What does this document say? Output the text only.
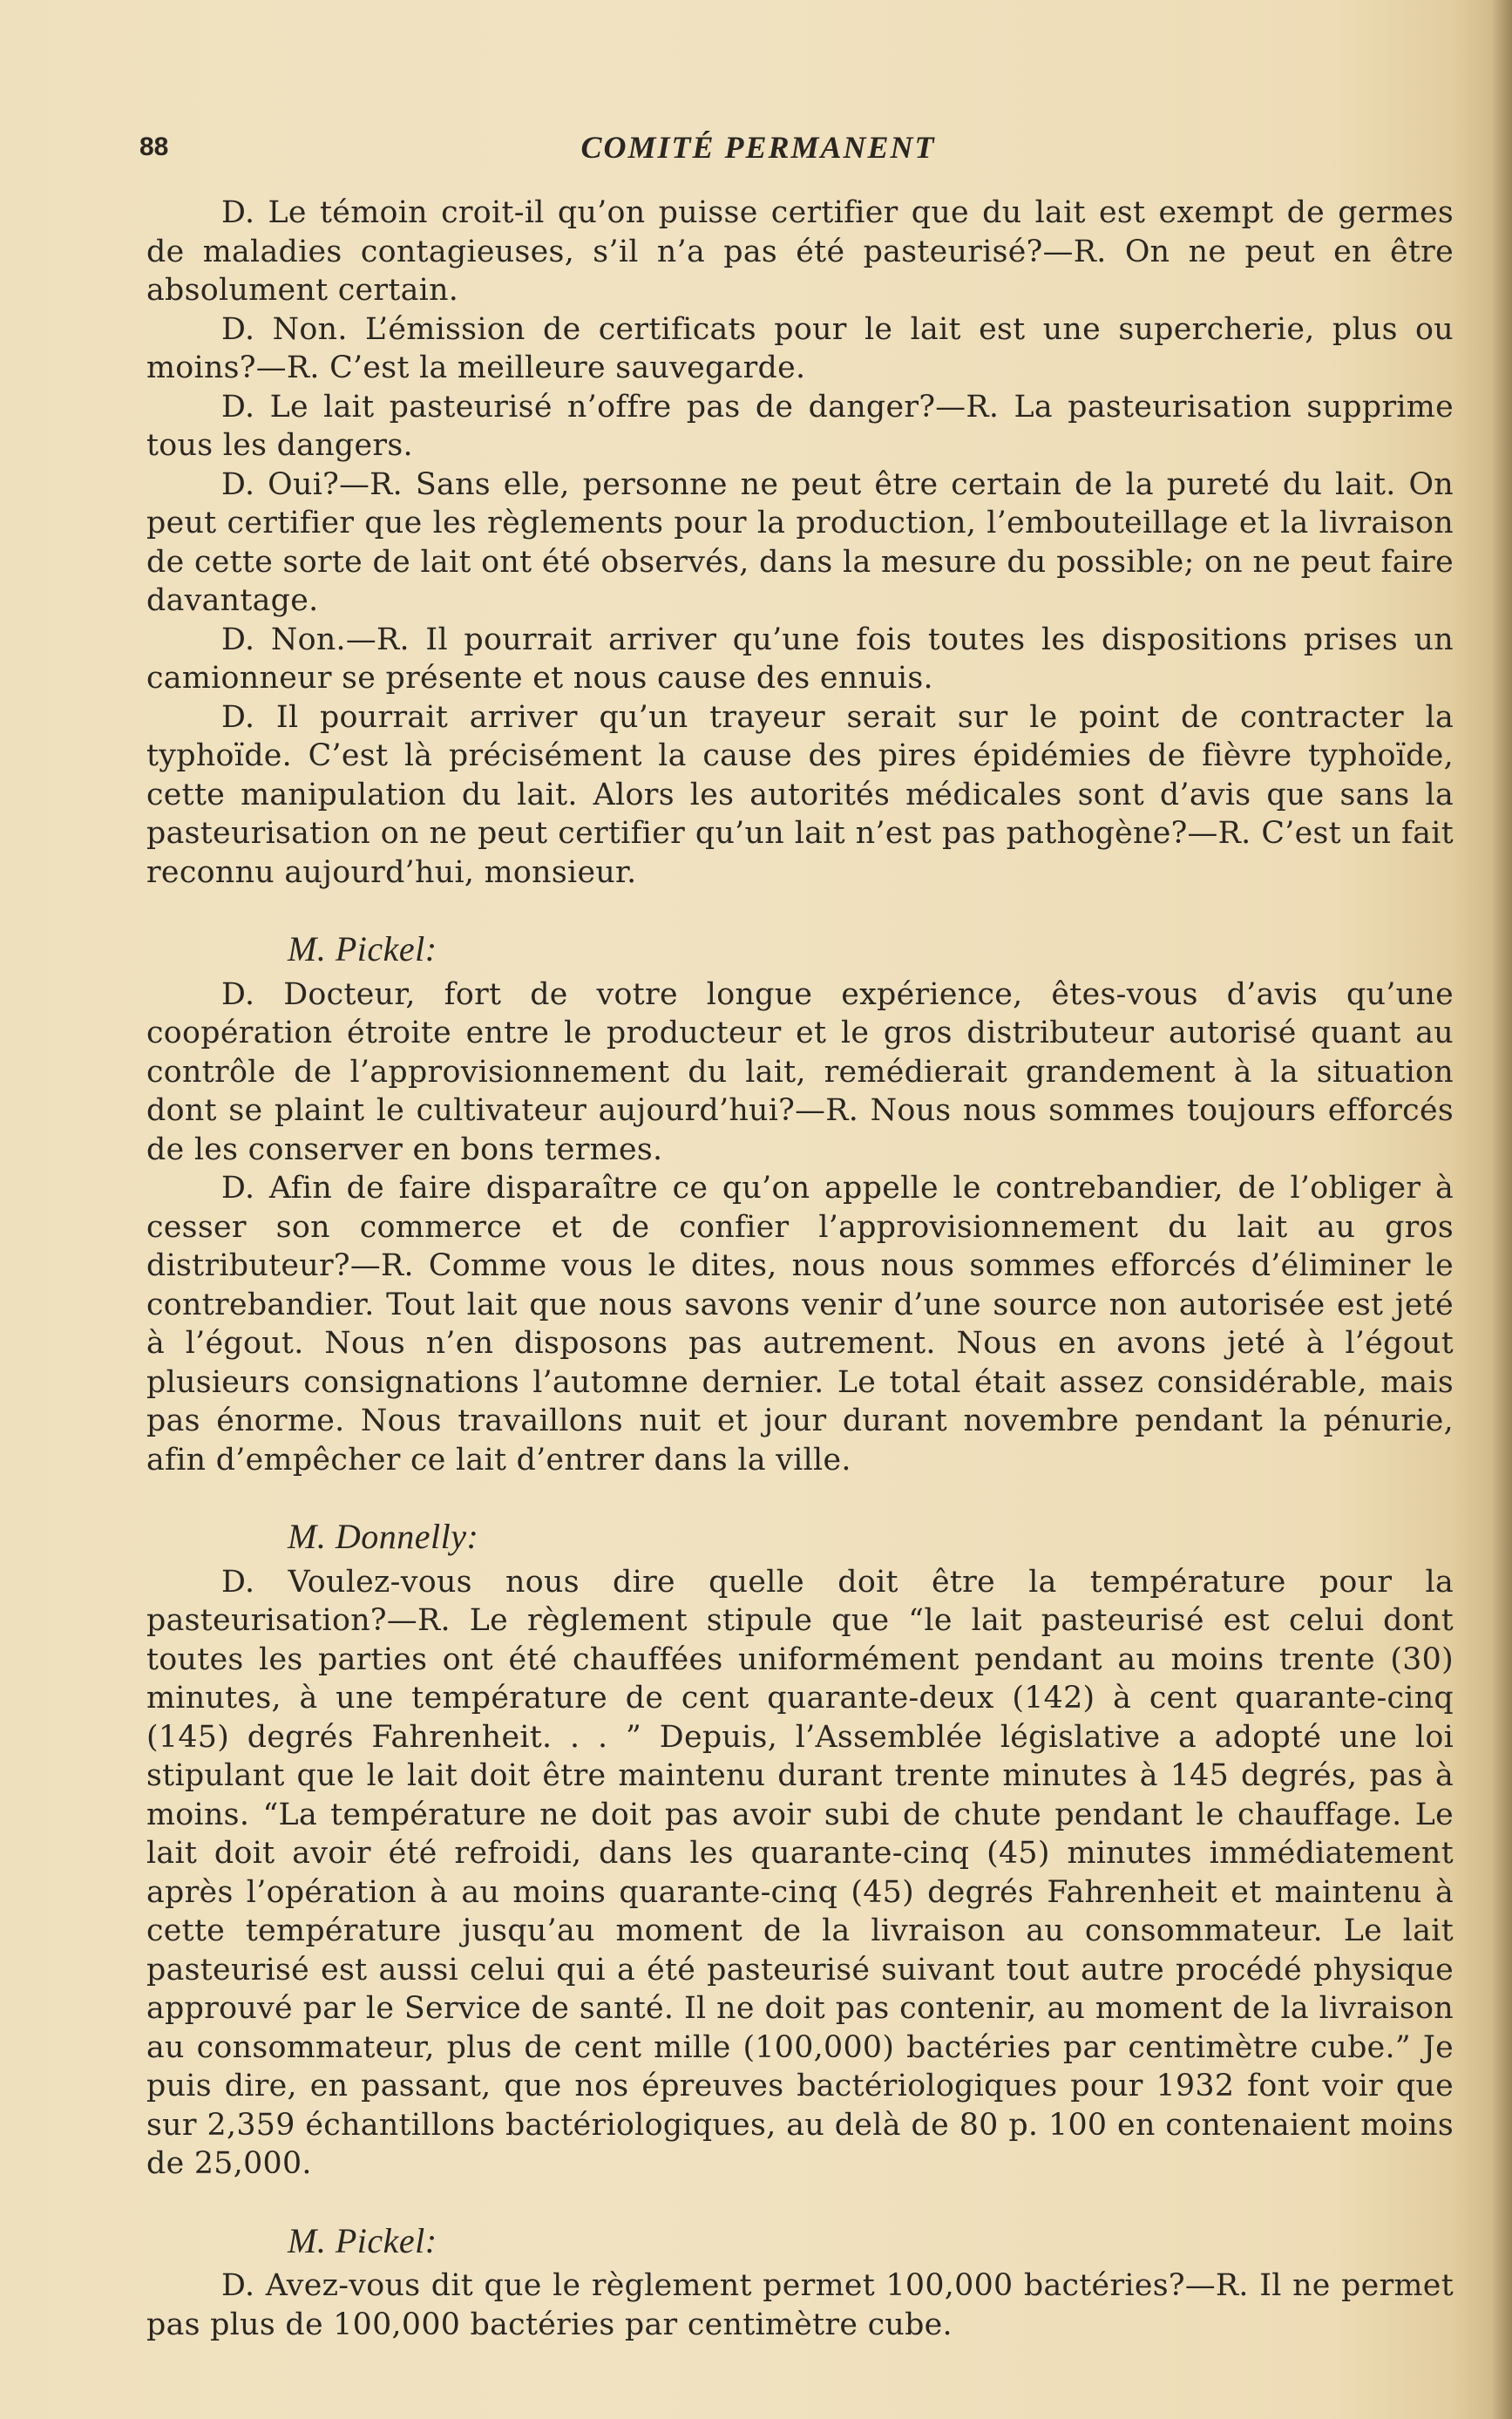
88	COMITÉ PERMANENT

D. Le témoin croit-il qu’on puisse certifier que du lait est exempt de germes de maladies contagieuses, s’il n’a pas été pasteurisé?—R. On ne peut en être absolument certain.

D. Non. L’émission de certificats pour le lait est une supercherie, plus ou moins?—R. C’est la meilleure sauvegarde.

D. Le lait pasteurisé n’offre pas de danger?—R. La pasteurisation supprime tous les dangers.

D. Oui?—R. Sans elle, personne ne peut être certain de la pureté du lait. On peut certifier que les règlements pour la production, l’embouteillage et la livraison de cette sorte de lait ont été observés, dans la mesure du possible; on ne peut faire davantage.

D. Non.—R. Il pourrait arriver qu’une fois toutes les dispositions prises un camionneur se présente et nous cause des ennuis.

D. Il pourrait arriver qu’un trayeur serait sur le point de contracter la typhoïde. C’est là précisément la cause des pires épidémies de fièvre typhoïde, cette manipulation du lait. Alors les autorités médicales sont d’avis que sans la pasteurisation on ne peut certifier qu’un lait n’est pas pathogène?—R. C’est un fait reconnu aujourd’hui, monsieur.

M. Pickel:

D. Docteur, fort de votre longue expérience, êtes-vous d’avis qu’une coopération étroite entre le producteur et le gros distributeur autorisé quant au contrôle de l’approvisionnement du lait, remédierait grandement à la situation dont se plaint le cultivateur aujourd’hui?—R. Nous nous sommes toujours efforcés de les conserver en bons termes.

D. Afin de faire disparaître ce qu’on appelle le contrebandier, de l’obliger à cesser son commerce et de confier l’approvisionnement du lait au gros distributeur?—R. Comme vous le dites, nous nous sommes efforcés d’éliminer le contrebandier. Tout lait que nous savons venir d’une source non autorisée est jeté à l’égout. Nous n’en disposons pas autrement. Nous en avons jeté à l’égout plusieurs consignations l’automne dernier. Le total était assez considérable, mais pas énorme. Nous travaillons nuit et jour durant novembre pendant la pénurie, afin d’empêcher ce lait d’entrer dans la ville.

M. Donnelly:

D. Voulez-vous nous dire quelle doit être la température pour la pasteurisation?—R. Le règlement stipule que “le lait pasteurisé est celui dont toutes les parties ont été chauffées uniformément pendant au moins trente (30) minutes, à une température de cent quarante-deux (142) à cent quarante-cinq (145) degrés Fahrenheit. . . ” Depuis, l’Assemblée législative a adopté une loi stipulant que le lait doit être maintenu durant trente minutes à 145 degrés, pas à moins. “La température ne doit pas avoir subi de chute pendant le chauffage. Le lait doit avoir été refroidi, dans les quarante-cinq (45) minutes immédiatement après l’opération à au moins quarante-cinq (45) degrés Fahrenheit et maintenu à cette température jusqu’au moment de la livraison au consommateur. Le lait pasteurisé est aussi celui qui a été pasteurisé suivant tout autre procédé physique approuvé par le Service de santé. Il ne doit pas contenir, au moment de la livraison au consommateur, plus de cent mille (100,000) bactéries par centimètre cube.” Je puis dire, en passant, que nos épreuves bactériologiques pour 1932 font voir que sur 2,359 échantillons bactériologiques, au delà de 80 p. 100 en contenaient moins de 25,000.

M. Pickel:

D. Avez-vous dit que le règlement permet 100,000 bactéries?—R. Il ne permet pas plus de 100,000 bactéries par centimètre cube.
